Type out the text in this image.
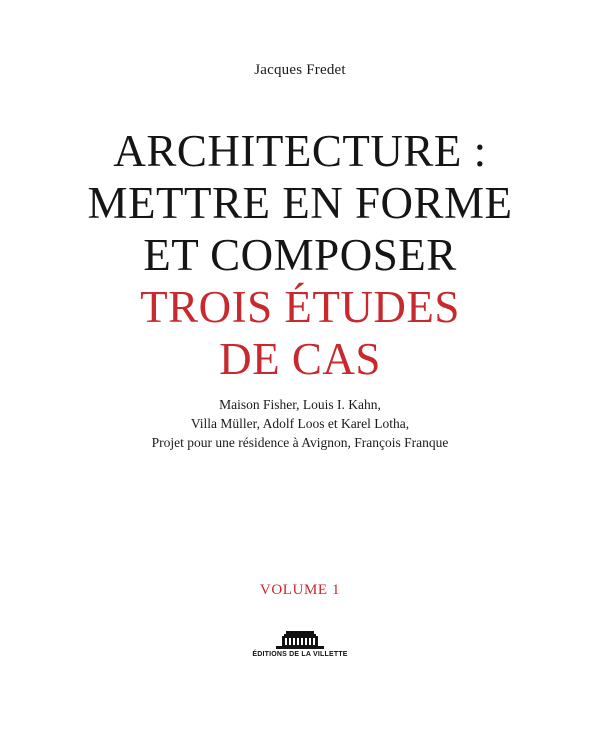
Jacques Fredet
ARCHITECTURE :
METTRE EN FORME
ET COMPOSER
TROIS ÉTUDES
DE CAS
Maison Fisher, Louis I. Kahn,
Villa Müller, Adolf Loos et Karel Lotha,
Projet pour une résidence à Avignon, François Franque
VOLUME 1
ÉDITIONS DE LA VILLETTE
